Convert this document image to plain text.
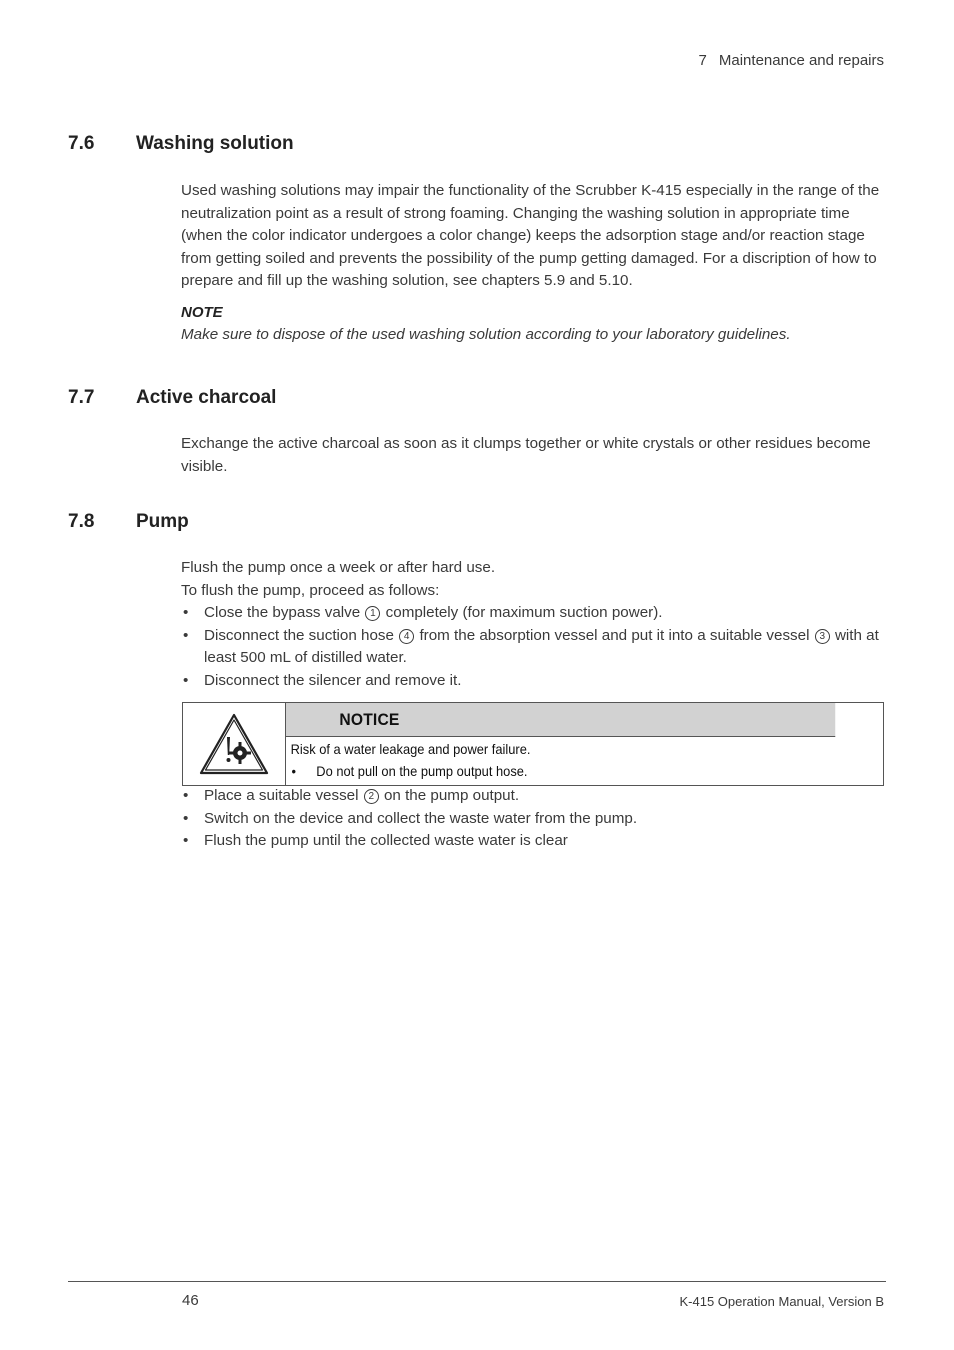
7 Maintenance and repairs
7.6	Washing solution

Used washing solutions may impair the functionality of the Scrubber K-415 especially in the range of the neutralization point as a result of strong foaming. Changing the washing solution in appropriate time (when the color indicator undergoes a color change) keeps the adsorption stage and/or reaction stage from getting soiled and prevents the possibility of the pump getting damaged. For a discription of how to prepare and fill up the washing solution, see chapters 5.9 and 5.10.

NOTE

Make sure to dispose of the used washing solution according to your laboratory guidelines.

7.7	Active charcoal

Exchange the active charcoal as soon as it clumps together or white crystals or other residues become visible.

7.8	Pump

Flush the pump once a week or after hard use.

To flush the pump, proceed as follows:

• Close the bypass valve 1 completely (for maximum suction power).
• Disconnect the suction hose 4 from the absorption vessel and put it into a suitable vessel 3 with at least 500 mL of distilled water.
• Disconnect the silencer and remove it.
NOTICE
Risk of a water leakage and power failure.
• Do not pull on the pump output hose.
• Place a suitable vessel 2 on the pump output.
• Switch on the device and collect the waste water from the pump.
• Flush the pump until the collected waste water is clear
46	K-415 Operation Manual, Version B
